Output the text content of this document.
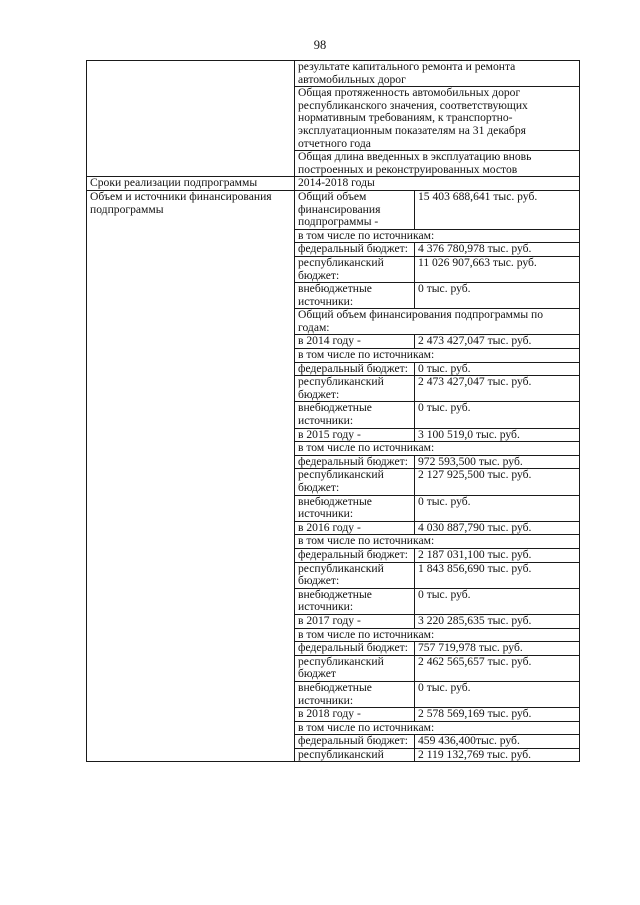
98
	результате капитального ремонта и ремонта автомобильных дорог	
	Общая протяженность автомобильных дорог республиканского значения, соответствующих нормативным требованиям, к транспортно-эксплуатационным показателям на 31 декабря отчетного года	
	Общая длина введенных в эксплуатацию вновь построенных и реконструированных мостов	
Сроки реализации подпрограммы	2014-2018 годы	
Объем и источники финансирования подпрограммы	Общий объем финансирования подпрограммы -	15 403 688,641 тыс. руб.
	в том числе по источникам:	
	федеральный бюджет:	4 376 780,978 тыс. руб.
	республиканский бюджет:	11 026 907,663 тыс. руб.
	внебюджетные источники:	0 тыс. руб.
	Общий объем финансирования подпрограммы по годам:	
	в 2014 году -	2 473 427,047 тыс. руб.
	в том числе по источникам:	
	федеральный бюджет:	0 тыс. руб.
	республиканский бюджет:	2 473 427,047 тыс. руб.
	внебюджетные источники:	0 тыс. руб.
	в 2015 году -	3 100 519,0 тыс. руб.
	в том числе по источникам:	
	федеральный бюджет:	972 593,500 тыс. руб.
	республиканский бюджет:	2 127 925,500 тыс. руб.
	внебюджетные источники:	0 тыс. руб.
	в 2016 году -	4 030 887,790 тыс. руб.
	в том числе по источникам:	
	федеральный бюджет:	2 187 031,100 тыс. руб.
	республиканский бюджет:	1 843 856,690 тыс. руб.
	внебюджетные источники:	0 тыс. руб.
	в 2017 году -	3 220 285,635 тыс. руб.
	в том числе по источникам:	
	федеральный бюджет:	757 719,978 тыс. руб.
	республиканский бюджет	2 462 565,657 тыс. руб.
	внебюджетные источники:	0 тыс. руб.
	в 2018 году -	2 578 569,169 тыс. руб.
	в том числе по источникам:	
	федеральный бюджет:	459 436,400тыс. руб.
	республиканский	2 119 132,769 тыс. руб.
